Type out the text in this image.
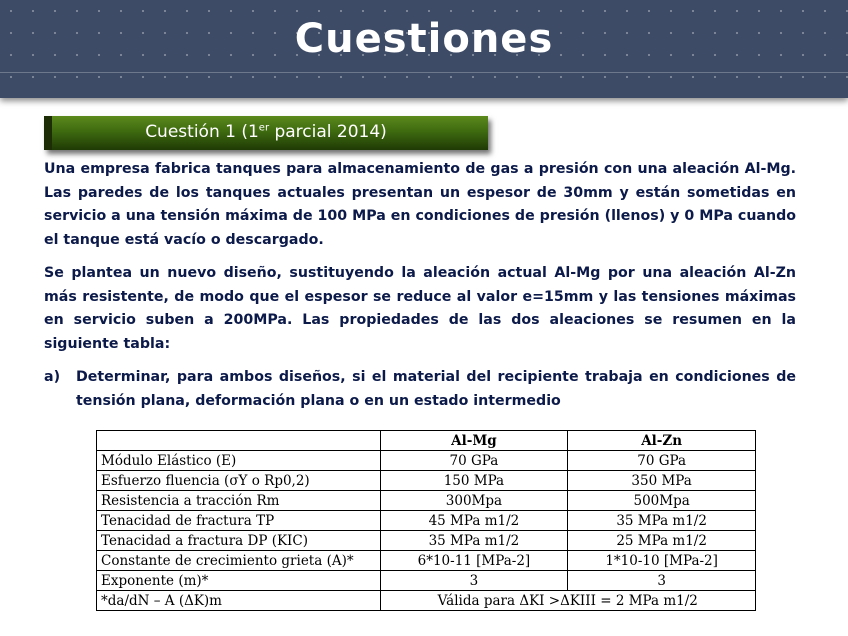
Cuestiones
Cuestión 1 (1er parcial 2014)

Una empresa fabrica tanques para almacenamiento de gas a presión con una aleación Al-Mg. Las paredes de los tanques actuales presentan un espesor de 30mm y están sometidas en servicio a una tensión máxima de 100 MPa en condiciones de presión (llenos) y 0 MPa cuando el tanque está vacío o descargado.

Se plantea un nuevo diseño, sustituyendo la aleación actual Al-Mg por una aleación Al-Zn más resistente, de modo que el espesor se reduce al valor e=15mm y las tensiones máximas en servicio suben a 200MPa. Las propiedades de las dos aleaciones se resumen en la siguiente tabla:

a)	Determinar, para ambos diseños, si el material del recipiente trabaja en condiciones de tensión plana, deformación plana o en un estado intermedio
	Al-Mg	Al-Zn
Módulo Elástico (E)	70 GPa	70 GPa
Esfuerzo fluencia (σY o Rp0,2)	150 MPa	350 MPa
Resistencia a tracción Rm	300Mpa	500Mpa
Tenacidad de fractura TP	45 MPa m1/2	35 MPa m1/2
Tenacidad a fractura DP (KIC)	35 MPa m1/2	25 MPa m1/2
Constante de crecimiento grieta (A)*	6*10-11 [MPa-2]	1*10-10 [MPa-2]
Exponente (m)*	3	3
*da/dN – A (ΔK)m	Válida para ΔKI >ΔKIII = 2 MPa m1/2	
